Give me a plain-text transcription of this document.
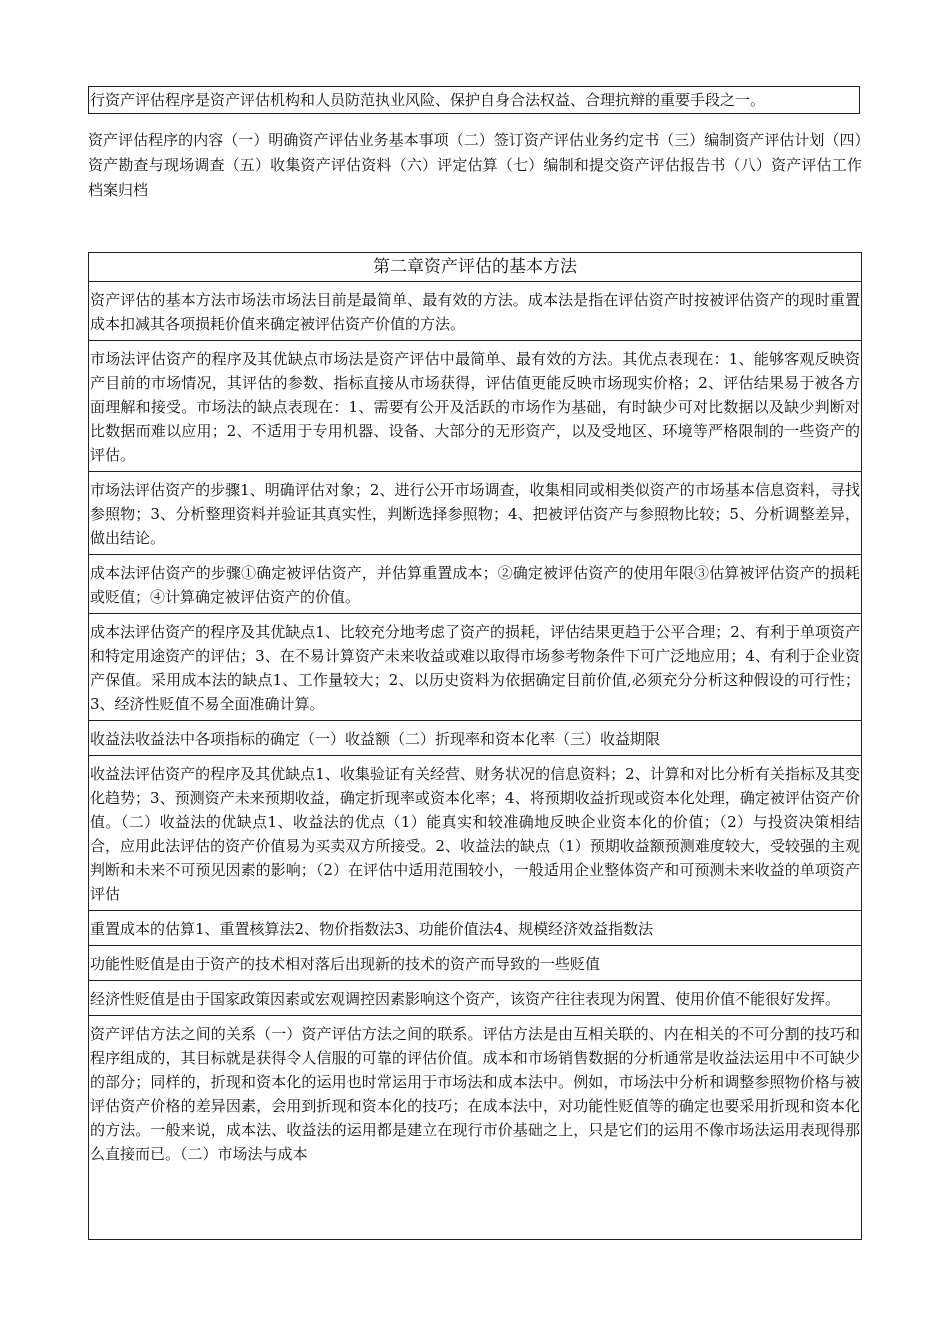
行资产评估程序是资产评估机构和人员防范执业风险、保护自身合法权益、合理抗辩的重要手段之一。
资产评估程序的内容（一）明确资产评估业务基本事项（二）签订资产评估业务约定书（三）编制资产评估计划（四）资产勘查与现场调查（五）收集资产评估资料（六）评定估算（七）编制和提交资产评估报告书（八）资产评估工作档案归档
第二章资产评估的基本方法
资产评估的基本方法市场法市场法目前是最简单、最有效的方法。成本法是指在评估资产时按被评估资产的现时重置成本扣减其各项损耗价值来确定被评估资产价值的方法。
市场法评估资产的程序及其优缺点市场法是资产评估中最简单、最有效的方法。其优点表现在：1、能够客观反映资产目前的市场情况，其评估的参数、指标直接从市场获得，评估值更能反映市场现实价格；2、评估结果易于被各方面理解和接受。市场法的缺点表现在：1、需要有公开及活跃的市场作为基础，有时缺少可对比数据以及缺少判断对比数据而难以应用；2、不适用于专用机器、设备、大部分的无形资产，以及受地区、环境等严格限制的一些资产的评估。
市场法评估资产的步骤1、明确评估对象；2、进行公开市场调查，收集相同或相类似资产的市场基本信息资料，寻找参照物；3、分析整理资料并验证其真实性，判断选择参照物；4、把被评估资产与参照物比较；5、分析调整差异，做出结论。
成本法评估资产的步骤①确定被评估资产，并估算重置成本；②确定被评估资产的使用年限③估算被评估资产的损耗或贬值；④计算确定被评估资产的价值。
成本法评估资产的程序及其优缺点1、比较充分地考虑了资产的损耗，评估结果更趋于公平合理；2、有利于单项资产和特定用途资产的评估；3、在不易计算资产未来收益或难以取得市场参考物条件下可广泛地应用；4、有利于企业资产保值。采用成本法的缺点1、工作量较大；2、以历史资料为依据确定目前价值,必须充分分析这种假设的可行性；3、经济性贬值不易全面准确计算。
收益法收益法中各项指标的确定（一）收益额（二）折现率和资本化率（三）收益期限
收益法评估资产的程序及其优缺点1、收集验证有关经营、财务状况的信息资料；2、计算和对比分析有关指标及其变化趋势；3、预测资产未来预期收益，确定折现率或资本化率；4、将预期收益折现或资本化处理，确定被评估资产价值。（二）收益法的优缺点1、收益法的优点（1）能真实和较准确地反映企业资本化的价值；（2）与投资决策相结合，应用此法评估的资产价值易为买卖双方所接受。2、收益法的缺点（1）预期收益额预测难度较大，受较强的主观判断和未来不可预见因素的影响；（2）在评估中适用范围较小，一般适用企业整体资产和可预测未来收益的单项资产评估
重置成本的估算1、重置核算法2、物价指数法3、功能价值法4、规模经济效益指数法
功能性贬值是由于资产的技术相对落后出现新的技术的资产而导致的一些贬值
经济性贬值是由于国家政策因素或宏观调控因素影响这个资产，该资产往往表现为闲置、使用价值不能很好发挥。
资产评估方法之间的关系（一）资产评估方法之间的联系。评估方法是由互相关联的、内在相关的不可分割的技巧和程序组成的，其目标就是获得令人信服的可靠的评估价值。成本和市场销售数据的分析通常是收益法运用中不可缺少的部分；同样的，折现和资本化的运用也时常运用于市场法和成本法中。例如，市场法中分析和调整参照物价格与被评估资产价格的差异因素，会用到折现和资本化的技巧；在成本法中，对功能性贬值等的确定也要采用折现和资本化的方法。一般来说，成本法、收益法的运用都是建立在现行市价基础之上，只是它们的运用不像市场法运用表现得那么直接而已。（二）市场法与成本
